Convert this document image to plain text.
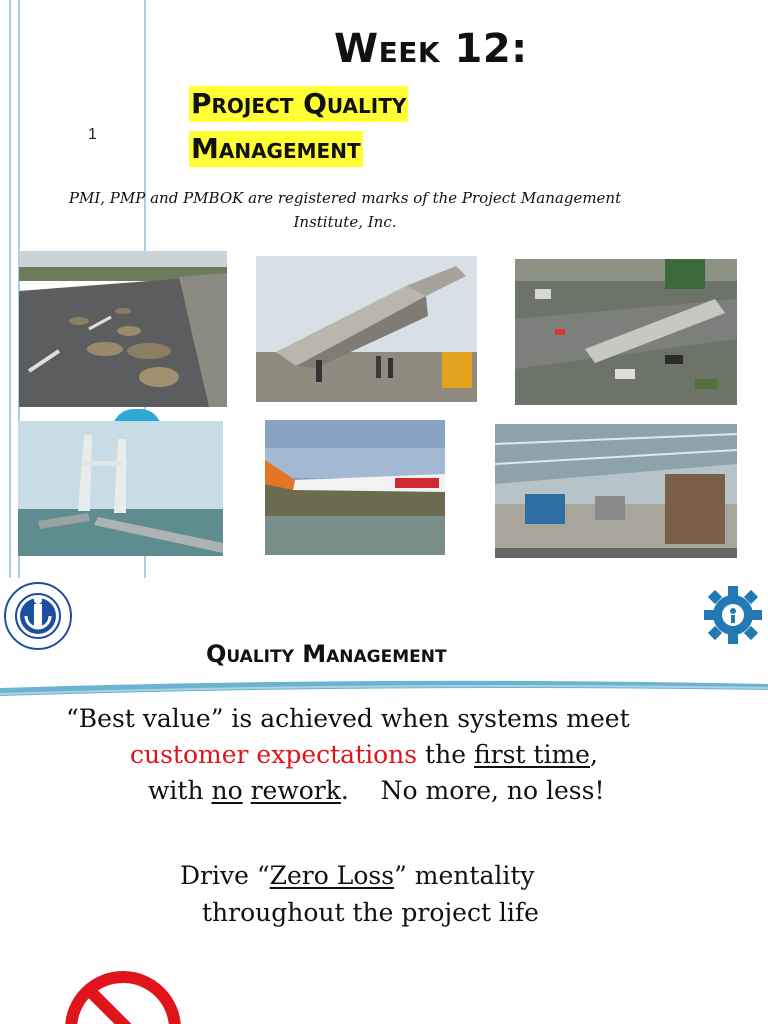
Week 12:
Project Quality
Management
1
PMI, PMP and PMBOK are registered marks of the Project Management
Institute, Inc.
Quality Management
“Best value” is achieved when systems meet
customer expectations the first time,
with no rework.    No more, no less!
Drive “Zero Loss” mentality
throughout the project life
